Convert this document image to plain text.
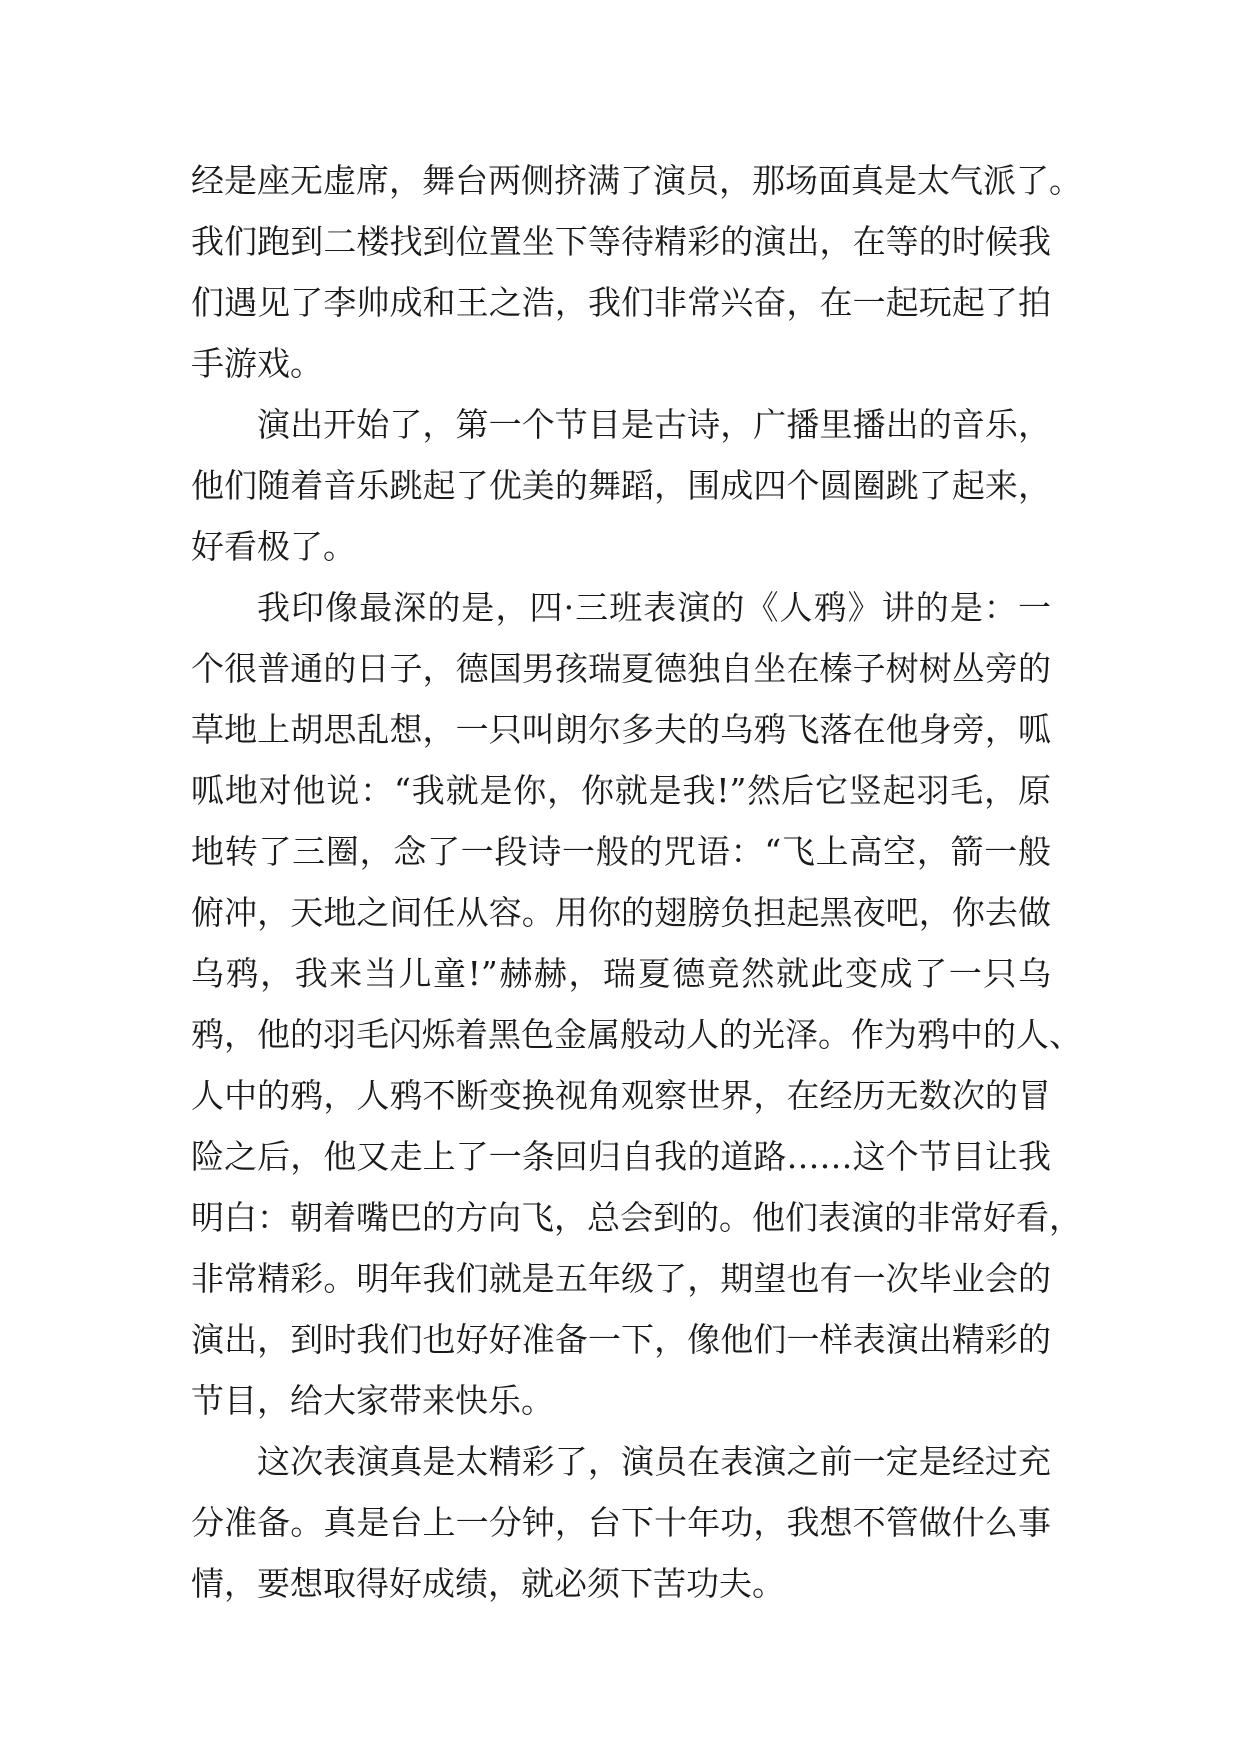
经是座无虚席，舞台两侧挤满了演员，那场面真是太气派了。
我们跑到二楼找到位置坐下等待精彩的演出，在等的时候我
们遇见了李帅成和王之浩，我们非常兴奋，在一起玩起了拍
手游戏。
演出开始了，第一个节目是古诗，广播里播出的音乐，
他们随着音乐跳起了优美的舞蹈，围成四个圆圈跳了起来，
好看极了。
我印像最深的是，四·三班表演的《人鸦》讲的是：一
个很普通的日子，德国男孩瑞夏德独自坐在榛子树树丛旁的
草地上胡思乱想，一只叫朗尔多夫的乌鸦飞落在他身旁，呱
呱地对他说：“我就是你，你就是我!”然后它竖起羽毛，原
地转了三圈，念了一段诗一般的咒语：“飞上高空，箭一般
俯冲，天地之间任从容。用你的翅膀负担起黑夜吧，你去做
乌鸦，我来当儿童!”赫赫，瑞夏德竟然就此变成了一只乌
鸦，他的羽毛闪烁着黑色金属般动人的光泽。作为鸦中的人、
人中的鸦，人鸦不断变换视角观察世界，在经历无数次的冒
险之后，他又走上了一条回归自我的道路……这个节目让我
明白：朝着嘴巴的方向飞，总会到的。他们表演的非常好看，
非常精彩。明年我们就是五年级了，期望也有一次毕业会的
演出，到时我们也好好准备一下，像他们一样表演出精彩的
节目，给大家带来快乐。
这次表演真是太精彩了，演员在表演之前一定是经过充
分准备。真是台上一分钟，台下十年功，我想不管做什么事
情，要想取得好成绩，就必须下苦功夫。
